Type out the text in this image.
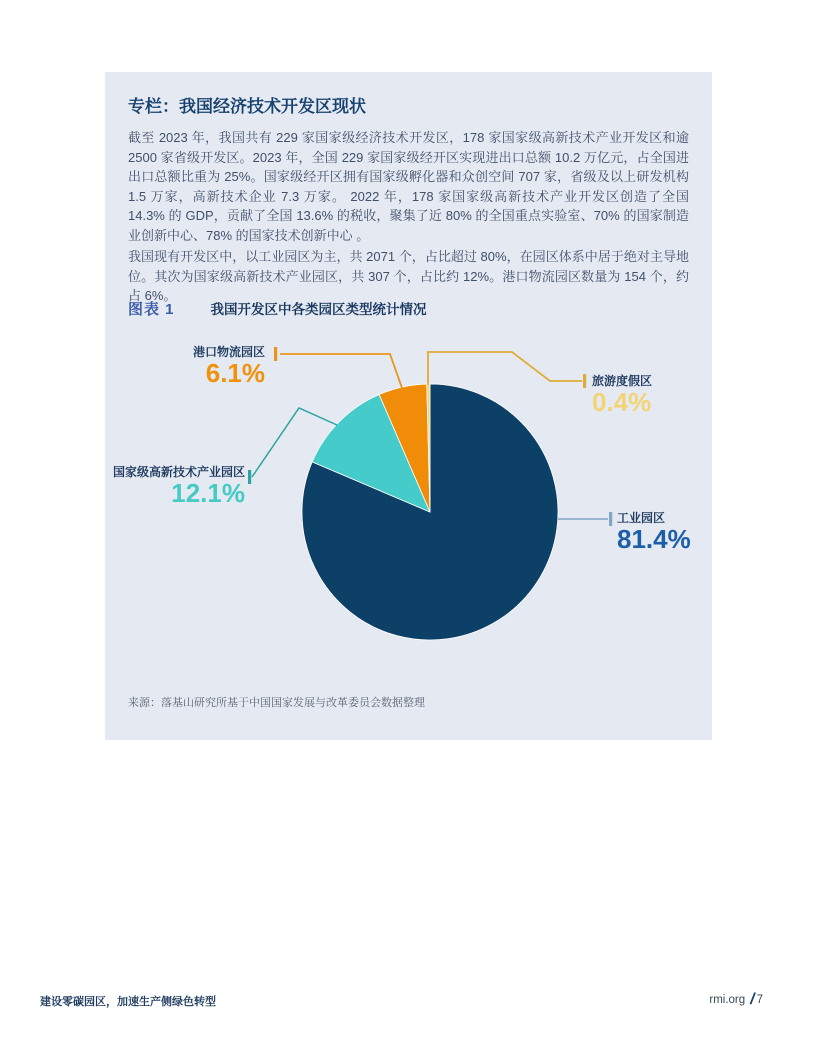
专栏：我国经济技术开发区现状
截至 2023 年，我国共有 229 家国家级经济技术开发区，178 家国家级高新技术产业开发区和逾 2500 家省级开发区。2023 年，全国 229 家国家级经开区实现进出口总额 10.2 万亿元，占全国进出口总额比重为 25%。国家级经开区拥有国家级孵化器和众创空间 707 家，省级及以上研发机构 1.5 万家，高新技术企业 7.3 万家。 2022 年，178 家国家级高新技术产业开发区创造了全国 14.3% 的 GDP，贡献了全国 13.6% 的税收，聚集了近 80% 的全国重点实验室、70% 的国家制造业创新中心、78% 的国家技术创新中心 。
我国现有开发区中，以工业园区为主，共 2071 个，占比超过 80%，在园区体系中居于绝对主导地位。其次为国家级高新技术产业园区，共 307 个，占比约 12%。港口物流园区数量为 154 个，约占 6%。
图表 1	我国开发区中各类园区类型统计情况
港口物流园区
6.1%	旅游度假区
0.4%
国家级高新技术产业园区
12.1%
工业园区
81.4%
来源：落基山研究所基于中国国家发展与改革委员会数据整理
建设零碳园区，加速生产侧绿色转型	rmi.org / 7
